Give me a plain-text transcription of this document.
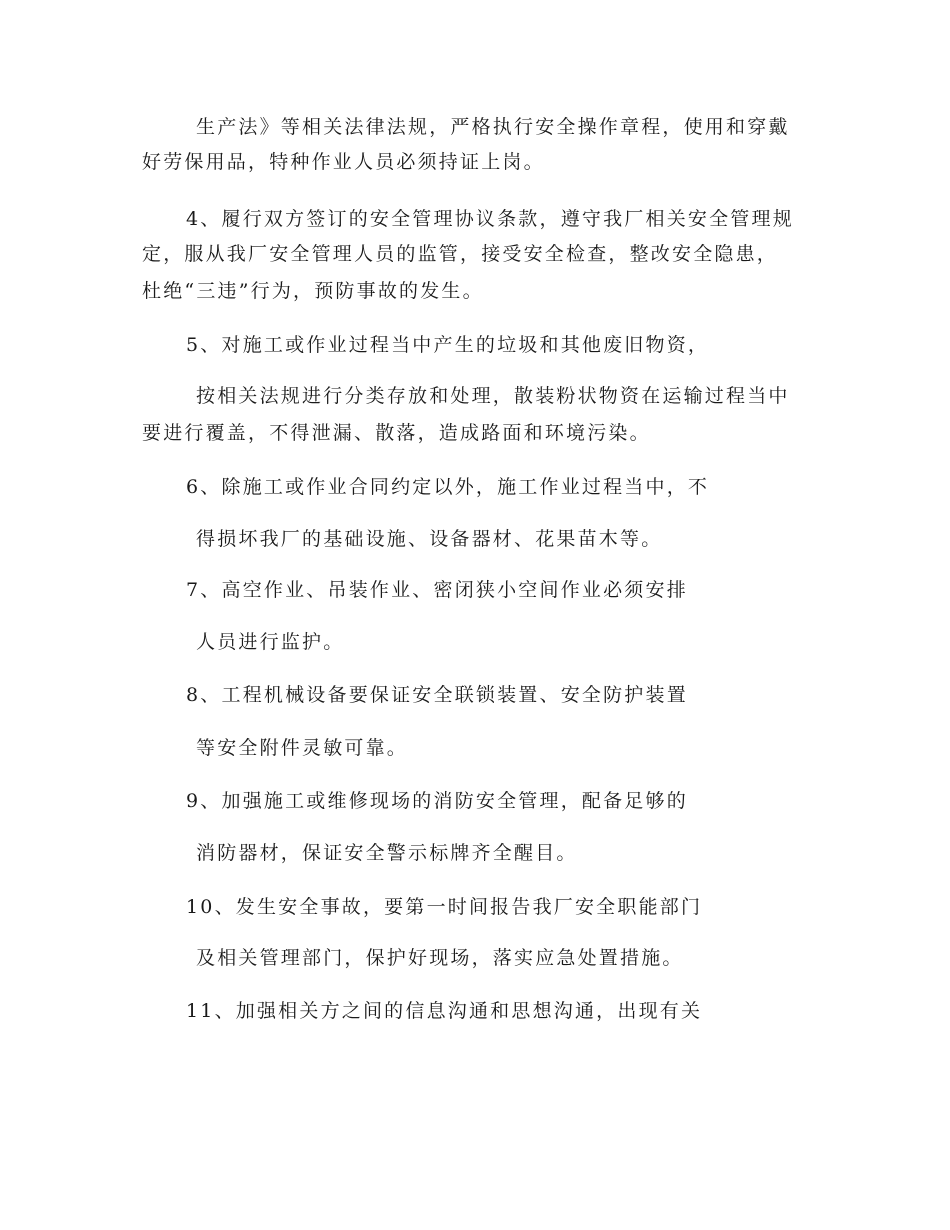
生产法》等相关法律法规，严格执行安全操作章程，使用和穿戴
好劳保用品，特种作业人员必须持证上岗。
4、履行双方签订的安全管理协议条款，遵守我厂相关安全管理规
定，服从我厂安全管理人员的监管，接受安全检查，整改安全隐患，
杜绝“三违”行为，预防事故的发生。
5、对施工或作业过程当中产生的垃圾和其他废旧物资，
按相关法规进行分类存放和处理，散装粉状物资在运输过程当中
要进行覆盖，不得泄漏、散落，造成路面和环境污染。
6、除施工或作业合同约定以外，施工作业过程当中，不
得损坏我厂的基础设施、设备器材、花果苗木等。
7、高空作业、吊装作业、密闭狭小空间作业必须安排
人员进行监护。
8、工程机械设备要保证安全联锁装置、安全防护装置
等安全附件灵敏可靠。
9、加强施工或维修现场的消防安全管理，配备足够的
消防器材，保证安全警示标牌齐全醒目。
10、发生安全事故，要第一时间报告我厂安全职能部门
及相关管理部门，保护好现场，落实应急处置措施。
11、加强相关方之间的信息沟通和思想沟通，出现有关
